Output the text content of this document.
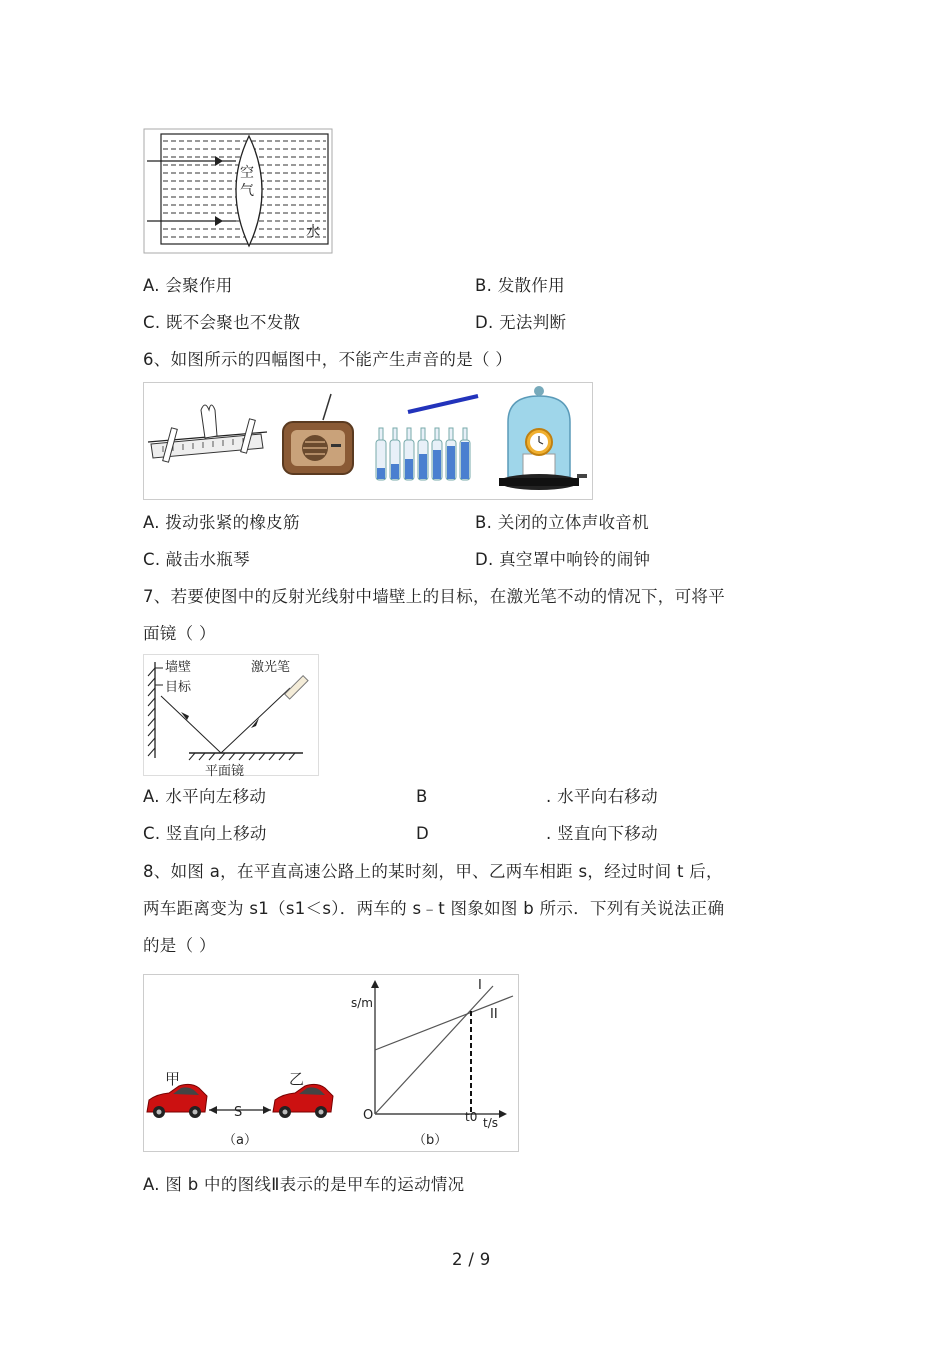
空气
水
A. 会聚作用	B. 发散作用
C. 既不会聚也不发散	D. 无法判断
6、如图所示的四幅图中，不能产生声音的是（ ）
A. 拨动张紧的橡皮筋	B. 关闭的立体声收音机
C. 敲击水瓶琴	D. 真空罩中响铃的闹钟
7、若要使图中的反射光线射中墙壁上的目标，在激光笔不动的情况下，可将平
面镜（ ）
墙壁
目标
激光笔
平面镜
A. 水平向左移动	B	. 水平向右移动
C. 竖直向上移动	D	. 竖直向下移动
8、如图 a，在平直高速公路上的某时刻，甲、乙两车相距 s，经过时间 t 后，
两车距离变为 s1（s1＜s）．两车的 s﹣t 图象如图 b 所示．下列有关说法正确
的是（ ）
甲	乙
S
（a）	（b）
s/m
t/s
O	t0
I
II
A. 图 b 中的图线Ⅱ表示的是甲车的运动情况
2 / 9
